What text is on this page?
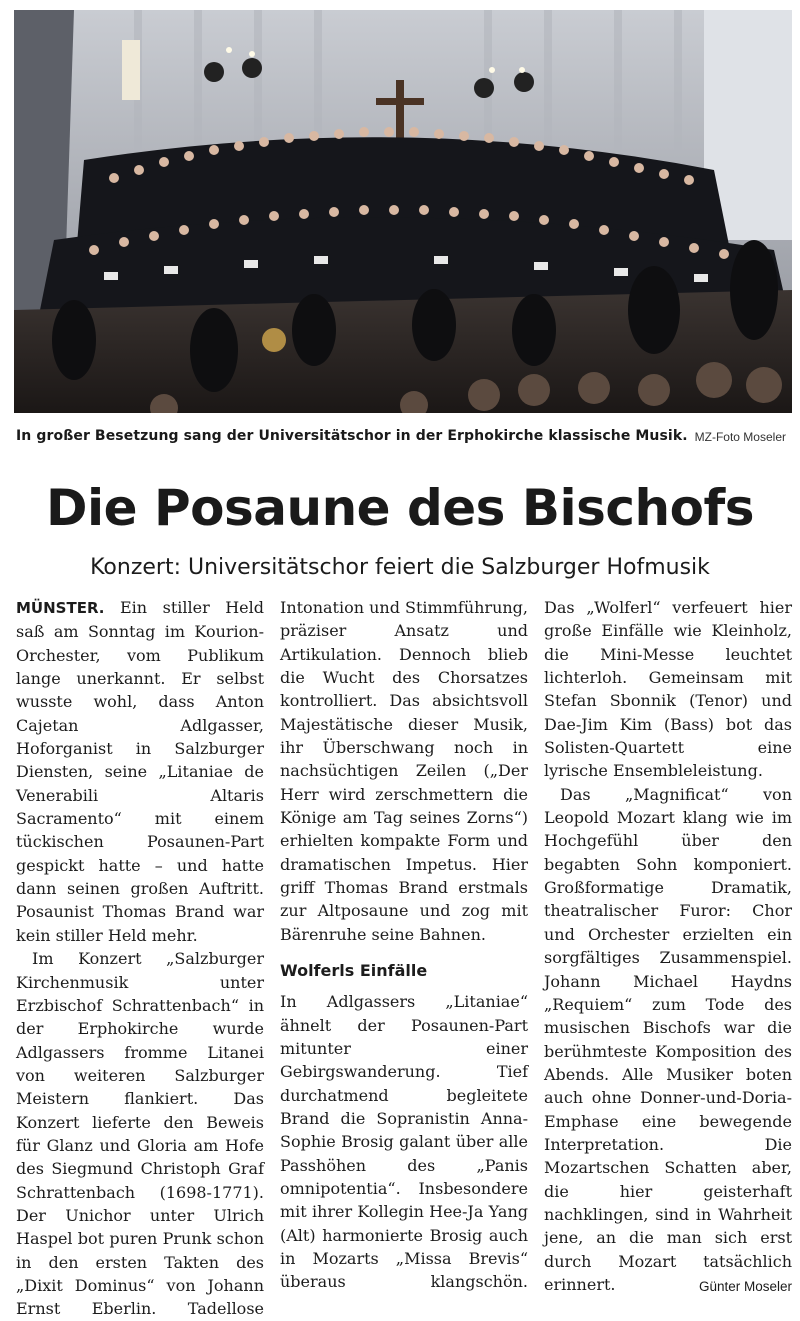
In großer Besetzung sang der Universitätschor in der Erphokirche klassische Musik. MZ-Foto Moseler
Die Posaune des Bischofs
Konzert: Universitätschor feiert die Salzburger Hofmusik

MÜNSTER. Ein stiller Held saß am Sonntag im Kourion-Orchester, vom Publikum lange unerkannt. Er selbst wusste wohl, dass Anton Cajetan Adlgasser, Hoforganist in Salzburger Diensten, seine „Litaniae de Venerabili Altaris Sacramento“ mit einem tückischen Posaunen-Part gespickt hatte – und hatte dann seinen großen Auftritt. Posaunist Thomas Brand war kein stiller Held mehr.

Im Konzert „Salzburger Kirchenmusik unter Erzbischof Schrattenbach“ in der Erphokirche wurde Adlgassers fromme Litanei von weiteren Salzburger Meistern flankiert. Das Konzert lieferte den Beweis für Glanz und Gloria am Hofe des Siegmund Christoph Graf Schrattenbach (1698-1771). Der Unichor unter Ulrich Haspel bot puren Prunk schon in den ersten Takten des „Dixit Dominus“ von Johann Ernst Eberlin. Tadellose

Intonation und Stimmführung, präziser Ansatz und Artikulation. Dennoch blieb die Wucht des Chorsatzes kontrolliert. Das absichtsvoll Majestätische dieser Musik, ihr Überschwang noch in nachsüchtigen Zeilen („Der Herr wird zerschmettern die Könige am Tag seines Zorns“) erhielten kompakte Form und dramatischen Impetus. Hier griff Thomas Brand erstmals zur Altposaune und zog mit Bärenruhe seine Bahnen.

Wolferls Einfälle

In Adlgassers „Litaniae“ ähnelt der Posaunen-Part mitunter einer Gebirgswanderung. Tief durchatmend begleitete Brand die Sopranistin Anna-Sophie Brosig galant über alle Passhöhen des „Panis omnipotentia“. Insbesondere mit ihrer Kollegin Hee-Ja Yang (Alt) harmonierte Brosig auch in Mozarts „Missa Brevis“ überaus klangschön.

Das „Wolferl“ verfeuert hier große Einfälle wie Kleinholz, die Mini-Messe leuchtet lichterloh. Gemeinsam mit Stefan Sbonnik (Tenor) und Dae-Jim Kim (Bass) bot das Solisten-Quartett eine lyrische Ensembleleistung.

Das „Magnificat“ von Leopold Mozart klang wie im Hochgefühl über den begabten Sohn komponiert. Großformatige Dramatik, theatralischer Furor: Chor und Orchester erzielten ein sorgfältiges Zusammenspiel. Johann Michael Haydns „Requiem“ zum Tode des musischen Bischofs war die berühmteste Komposition des Abends. Alle Musiker boten auch ohne Donner-und-Doria-Emphase eine bewegende Interpretation. Die Mozartschen Schatten aber, die hier geisterhaft nachklingen, sind in Wahrheit jene, an die man sich erst durch Mozart tatsächlich erinnert.	Günter Moseler
